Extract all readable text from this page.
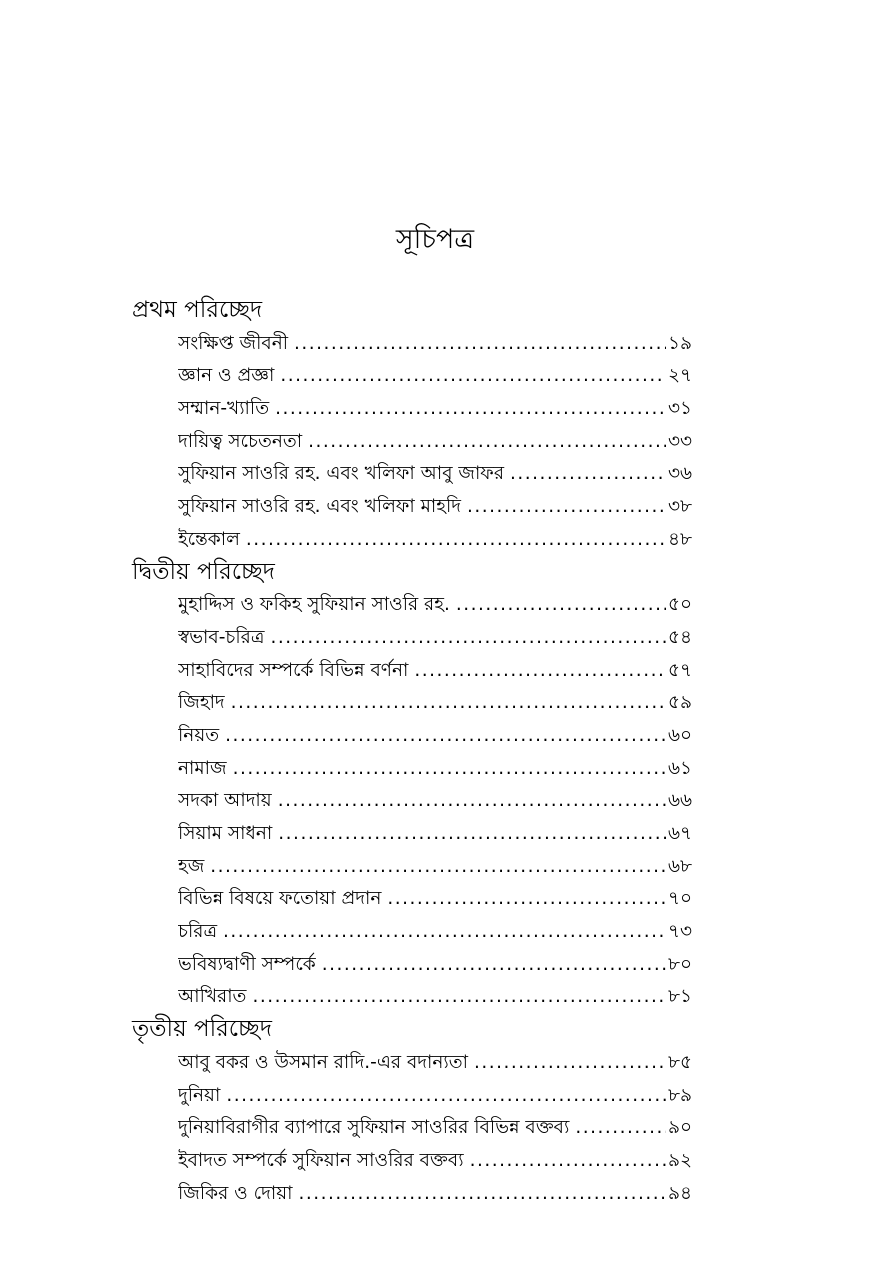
সূচিপত্র
প্রথম পরিচ্ছেদ
সংক্ষিপ্ত জীবনী .....	১৯
জ্ঞান ও প্রজ্ঞা .....	২৭
সম্মান-খ্যাতি .....	৩১
দায়িত্ব সচেতনতা .....	৩৩
সুফিয়ান সাওরি রহ. এবং খলিফা আবু জাফর .....	৩৬
সুফিয়ান সাওরি রহ. এবং খলিফা মাহদি .....	৩৮
ইন্তেকাল .....	৪৮
দ্বিতীয় পরিচ্ছেদ
মুহাদ্দিস ও ফকিহ সুফিয়ান সাওরি রহ. .....	৫০
স্বভাব-চরিত্র .....	৫৪
সাহাবিদের সম্পর্কে বিভিন্ন বর্ণনা .....	৫৭
জিহাদ .....	৫৯
নিয়ত .....	৬০
নামাজ .....	৬১
সদকা আদায় .....	৬৬
সিয়াম সাধনা .....	৬৭
হজ .....	৬৮
বিভিন্ন বিষয়ে ফতোয়া প্রদান .....	৭০
চরিত্র .....	৭৩
ভবিষ্যদ্বাণী সম্পর্কে .....	৮০
আখিরাত .....	৮১
তৃতীয় পরিচ্ছেদ
আবু বকর ও উসমান রাদি.-এর বদান্যতা .....	৮৫
দুনিয়া .....	৮৯
দুনিয়াবিরাগীর ব্যাপারে সুফিয়ান সাওরির বিভিন্ন বক্তব্য .....	৯০
ইবাদত সম্পর্কে সুফিয়ান সাওরির বক্তব্য .....	৯২
জিকির ও দোয়া .....	৯৪
